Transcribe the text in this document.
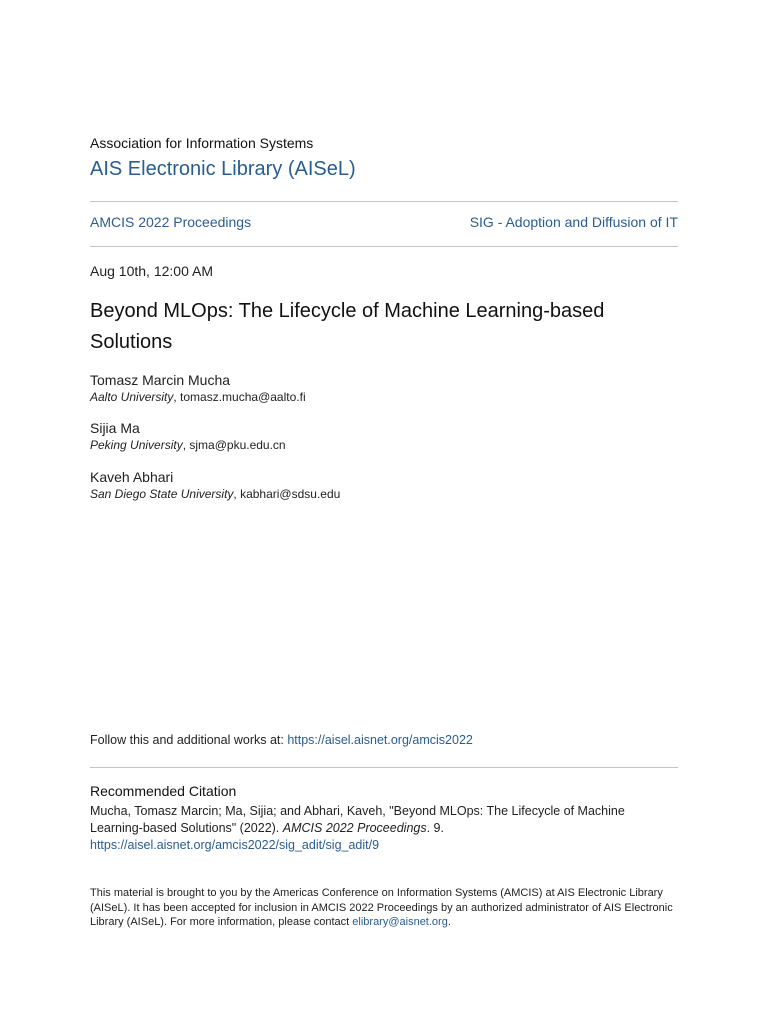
Association for Information Systems
AIS Electronic Library (AISeL)
AMCIS 2022 Proceedings	SIG - Adoption and Diffusion of IT
Aug 10th, 12:00 AM
Beyond MLOps: The Lifecycle of Machine Learning-based Solutions
Tomasz Marcin Mucha
Aalto University, tomasz.mucha@aalto.fi
Sijia Ma
Peking University, sjma@pku.edu.cn
Kaveh Abhari
San Diego State University, kabhari@sdsu.edu
Follow this and additional works at: https://aisel.aisnet.org/amcis2022
Recommended Citation
Mucha, Tomasz Marcin; Ma, Sijia; and Abhari, Kaveh, "Beyond MLOps: The Lifecycle of Machine Learning-based Solutions" (2022). AMCIS 2022 Proceedings. 9.
https://aisel.aisnet.org/amcis2022/sig_adit/sig_adit/9
This material is brought to you by the Americas Conference on Information Systems (AMCIS) at AIS Electronic Library (AISeL). It has been accepted for inclusion in AMCIS 2022 Proceedings by an authorized administrator of AIS Electronic Library (AISeL). For more information, please contact elibrary@aisnet.org.
